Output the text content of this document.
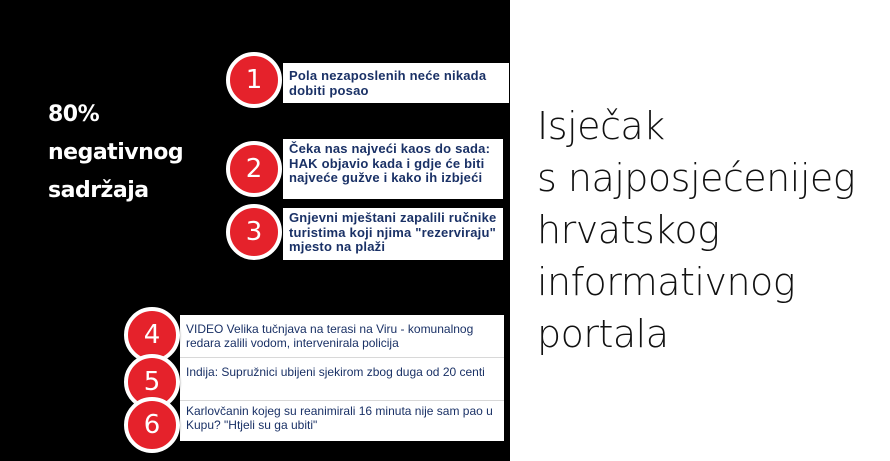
80%
negativnog
sadržaja
Pola nezaposlenih neće nikada dobiti posao
Čeka nas najveći kaos do sada: HAK objavio kada i gdje će biti najveće gužve i kako ih izbjeći
Gnjevni mještani zapalili ručnike turistima koji njima "rezerviraju" mjesto na plaži
VIDEO Velika tučnjava na terasi na Viru - komunalnog redara zalili vodom, intervenirala policija
Indija: Supružnici ubijeni sjekirom zbog duga od 20 centi
Karlovčanin kojeg su reanimirali 16 minuta nije sam pao u Kupu? "Htjeli su ga ubiti"
1
2
3
4
5
6
Isječak
s najposjećenijeg
hrvatskog
informativnog
portala
